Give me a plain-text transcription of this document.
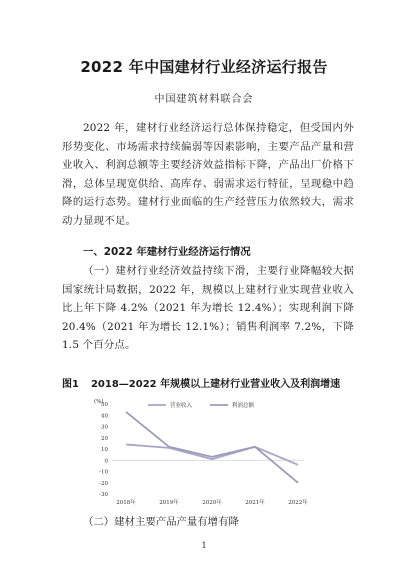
2022 年中国建材行业经济运行报告
中国建筑材料联合会

2022 年，建材行业经济运行总体保持稳定，但受国内外形势变化、市场需求持续偏弱等因素影响，主要产品产量和营业收入、利润总额等主要经济效益指标下降，产品出厂价格下滑，总体呈现宽供给、高库存、弱需求运行特征，呈现稳中趋降的运行态势。建材行业面临的生产经营压力依然较大，需求动力显现不足。

一、2022 年建材行业经济运行情况

（一）建材行业经济效益持续下滑，主要行业降幅较大据国家统计局数据，2022 年，规模以上建材行业实现营业收入比上年下降 4.2%（2021 年为增长 12.4%）；实现利润下降 20.4%（2021 年为增长 12.1%）；销售利润率 7.2%，下降 1.5 个百分点。

图1 2018—2022 年规模以上建材行业营业收入及利润增速
(%)
-30
-20
-10
0
10
20
30
40
50
2018年	2019年	2020年	2021年	2022年
营业收入	利润总额
（二）建材主要产品产量有增有降
1
